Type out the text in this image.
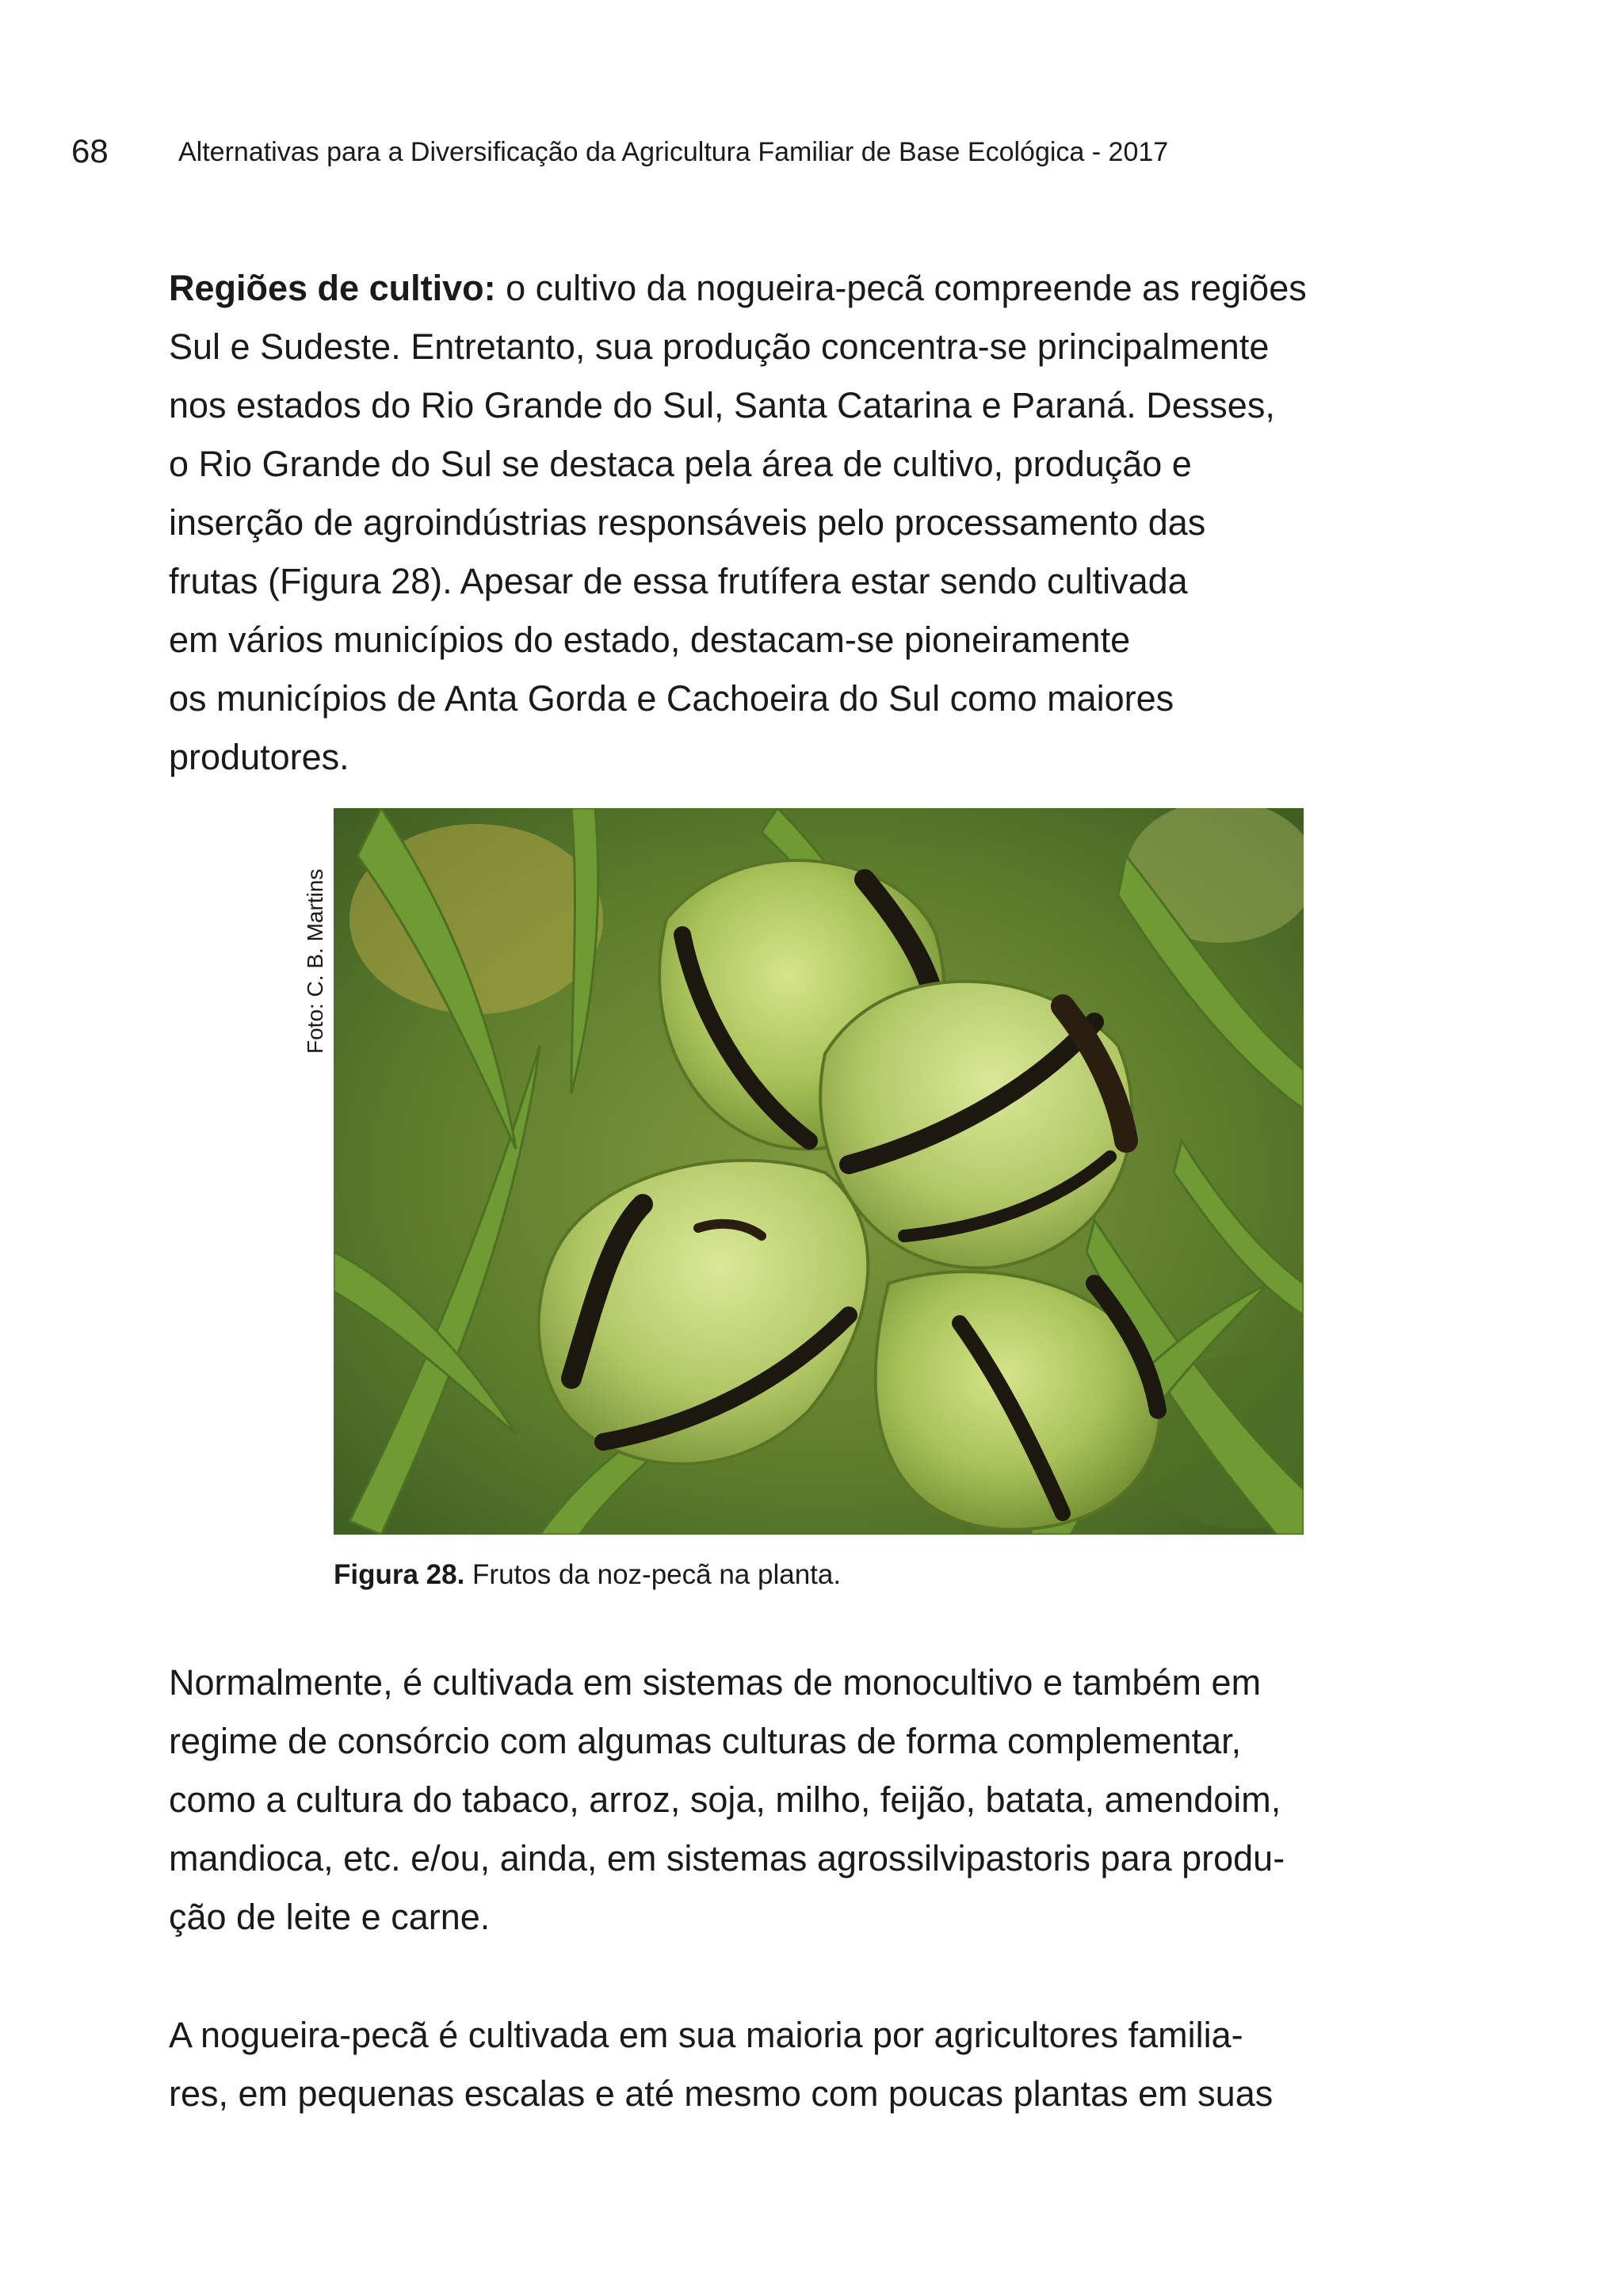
68	Alternativas para a Diversificação da Agricultura Familiar de Base Ecológica - 2017
Regiões de cultivo: o cultivo da nogueira-pecã compreende as regiões
Sul e Sudeste. Entretanto, sua produção concentra-se principalmente
nos estados do Rio Grande do Sul, Santa Catarina e Paraná. Desses,
o Rio Grande do Sul se destaca pela área de cultivo, produção e
inserção de agroindústrias responsáveis pelo processamento das
frutas (Figura 28). Apesar de essa frutífera estar sendo cultivada
em vários municípios do estado, destacam-se pioneiramente
os municípios de Anta Gorda e Cachoeira do Sul como maiores
produtores.
Foto: C. B. Martins
Figura 28. Frutos da noz-pecã na planta.
Normalmente, é cultivada em sistemas de monocultivo e também em
regime de consórcio com algumas culturas de forma complementar,
como a cultura do tabaco, arroz, soja, milho, feijão, batata, amendoim,
mandioca, etc. e/ou, ainda, em sistemas agrossilvipastoris para produ-
ção de leite e carne.
A nogueira-pecã é cultivada em sua maioria por agricultores familia-
res, em pequenas escalas e até mesmo com poucas plantas em suas
